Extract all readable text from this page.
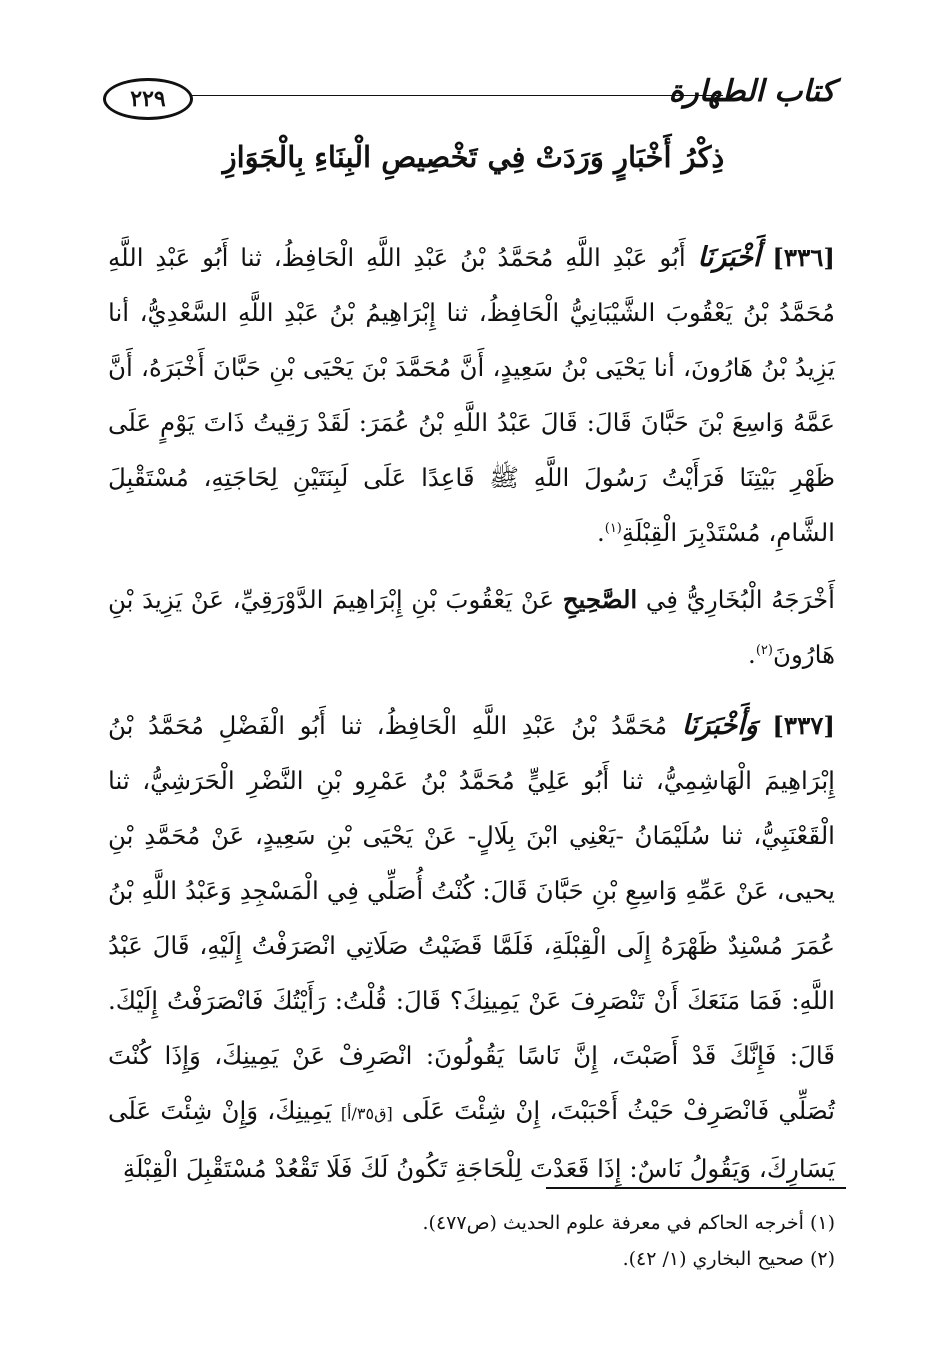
٢٢٩	كتاب الطهارة
ذِكْرُ أَخْبَارٍ وَرَدَتْ فِي تَخْصِيصِ الْبِنَاءِ بِالْجَوَازِ

[٣٣٦] أَخْبَرَنَا أَبُو عَبْدِ اللَّهِ مُحَمَّدُ بْنُ عَبْدِ اللَّهِ الْحَافِظُ، ثنا أَبُو عَبْدِ اللَّهِ مُحَمَّدُ بْنُ يَعْقُوبَ الشَّيْبَانِيُّ الْحَافِظُ، ثنا إِبْرَاهِيمُ بْنُ عَبْدِ اللَّهِ السَّعْدِيُّ، أنا يَزِيدُ بْنُ هَارُونَ، أنا يَحْيَى بْنُ سَعِيدٍ، أَنَّ مُحَمَّدَ بْنَ يَحْيَى بْنِ حَبَّانَ أَخْبَرَهُ، أَنَّ عَمَّهُ وَاسِعَ بْنَ حَبَّانَ قَالَ: قَالَ عَبْدُ اللَّهِ بْنُ عُمَرَ: لَقَدْ رَقِيتُ ذَاتَ يَوْمٍ عَلَى ظَهْرِ بَيْتِنَا فَرَأَيْتُ رَسُولَ اللَّهِ ﷺ قَاعِدًا عَلَى لَبِنَتَيْنِ لِحَاجَتِهِ، مُسْتَقْبِلَ الشَّامِ، مُسْتَدْبِرَ الْقِبْلَةِ$^{(١)}$.

أَخْرَجَهُ الْبُخَارِيُّ فِي الصَّحِيحِ عَنْ يَعْقُوبَ بْنِ إِبْرَاهِيمَ الدَّوْرَقِيِّ، عَنْ يَزِيدَ بْنِ هَارُونَ$^{(٢)}$.

[٣٣٧] وَأَخْبَرَنَا مُحَمَّدُ بْنُ عَبْدِ اللَّهِ الْحَافِظُ، ثنا أَبُو الْفَضْلِ مُحَمَّدُ بْنُ إِبْرَاهِيمَ الْهَاشِمِيُّ، ثنا أَبُو عَلِيٍّ مُحَمَّدُ بْنُ عَمْرِو بْنِ النَّضْرِ الْحَرَشِيُّ، ثنا الْقَعْنَبِيُّ، ثنا سُلَيْمَانُ -يَعْنِي ابْنَ بِلَالٍ- عَنْ يَحْيَى بْنِ سَعِيدٍ، عَنْ مُحَمَّدِ بْنِ يحيى، عَنْ عَمِّهِ وَاسِعِ بْنِ حَبَّانَ قَالَ: كُنْتُ أُصَلِّي فِي الْمَسْجِدِ وَعَبْدُ اللَّهِ بْنُ عُمَرَ مُسْنِدٌ ظَهْرَهُ إِلَى الْقِبْلَةِ، فَلَمَّا قَضَيْتُ صَلَاتِي انْصَرَفْتُ إِلَيْهِ، قَالَ عَبْدُ اللَّهِ: فَمَا مَنَعَكَ أَنْ تَنْصَرِفَ عَنْ يَمِينِكَ؟ قَالَ: قُلْتُ: رَأَيْتُكَ فَانْصَرَفْتُ إِلَيْكَ. قَالَ: فَإِنَّكَ قَدْ أَصَبْتَ، إِنَّ نَاسًا يَقُولُونَ: انْصَرِفْ عَنْ يَمِينِكَ، وَإِذَا كُنْتَ تُصَلِّي فَانْصَرِفْ حَيْثُ أَحْبَبْتَ، إِنْ شِئْتَ عَلَى [ق٣٥/أ] يَمِينِكَ، وَإِنْ شِئْتَ عَلَى يَسَارِكَ، وَيَقُولُ نَاسٌ: إِذَا قَعَدْتَ لِلْحَاجَةِ تَكُونُ لَكَ فَلَا تَقْعُدْ مُسْتَقْبِلَ الْقِبْلَةِ

(١) أخرجه الحاكم في معرفة علوم الحديث (ص٤٧٧).
(٢) صحيح البخاري (١/ ٤٢).
